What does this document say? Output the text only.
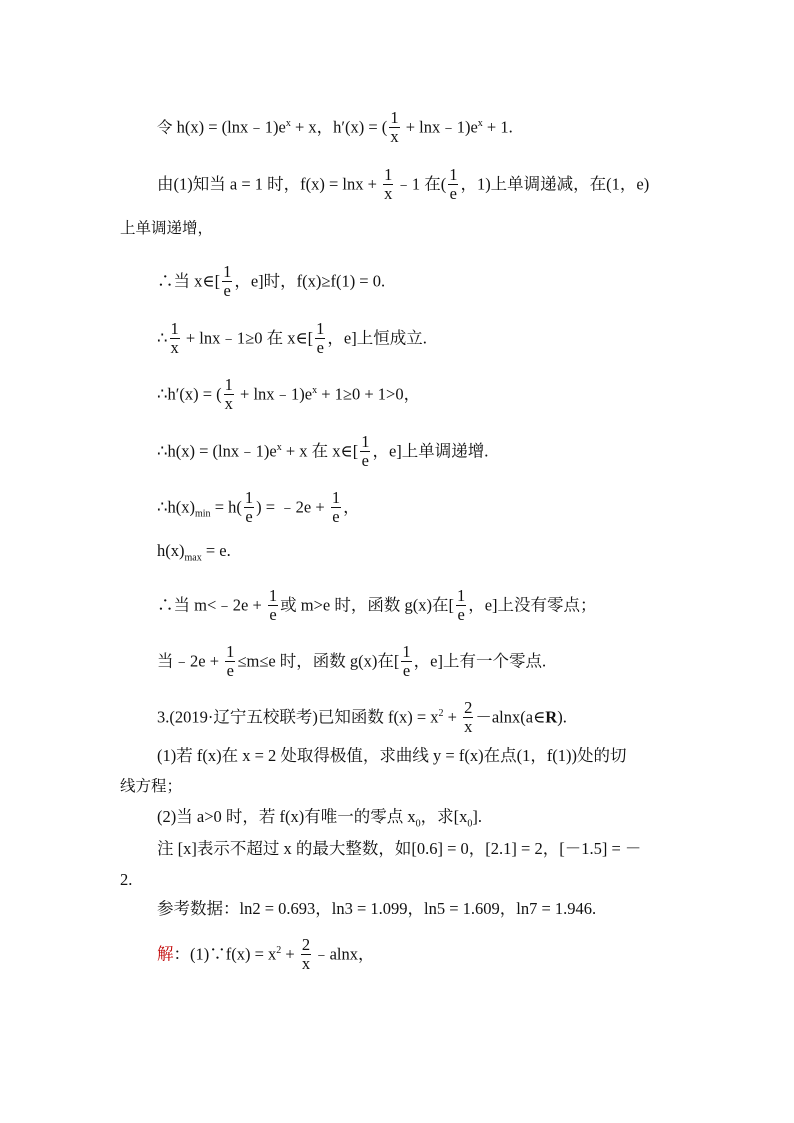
令 $h(x) = (\ln x﹣1)e^x + x$，h′(x) = ( $\frac{1}{x}$ + $\ln x﹣1)e^x + 1$.
由(1)知当 a = 1 时，$f(x) = \ln x + \frac{1}{x}$ ﹣1 在( $\frac{1}{e}$ ，1)上单调递减，在(1，e)
上单调递增，
∴当 x∈[ $\frac{1}{e}$ ，e]时，f(x)≥f(1) = 0.
∴ $\frac{1}{x}$ + lnx﹣1≥0 在 x∈[ $\frac{1}{e}$ ，e]上恒成立.
∴h′(x) = ( $\frac{1}{x}$ + $\ln x﹣1)e^x + 1\ge 0 + 1>0$，
∴h(x) = $(\ln x﹣1)e^x + x$ 在 x∈[ $\frac{1}{e}$ ，e]上单调递增.
$\therefore h(x)_{min} = h( \frac{1}{e}$ ) = ﹣2e + $\frac{1}{e}$ ，
$h(x)_{max} = e$.
∴当 m<﹣2e + $\frac{1}{e}$ 或 m>e 时，函数 g(x)在[ $\frac{1}{e}$ ，e]上没有零点；
当﹣2e + $\frac{1}{e} \le m\le e$ 时，函数 g(x)在[ $\frac{1}{e}$ ，e]上有一个零点.
3.(2019·辽宁五校联考)已知函数 $f(x) = x^2 + \frac{2}{x}$ －alnx(a∈R).
(1)若 f(x)在 x = 2 处取得极值，求曲线 y = f(x)在点(1，f(1))处的切
线方程；
(2)当 a>0 时，若 f(x)有唯一的零点 $x_0$，求$[x_0]$.
注 [x]表示不超过 x 的最大整数，如[0.6] = 0，[2.1] = 2，[－1.5] = －
2.
参考数据：ln2 = 0.693，ln3 = 1.099，ln5 = 1.609，ln7 = 1.946.
解：(1)∵f(x) = $x^2 + \frac{2}{x}$ ﹣alnx，
